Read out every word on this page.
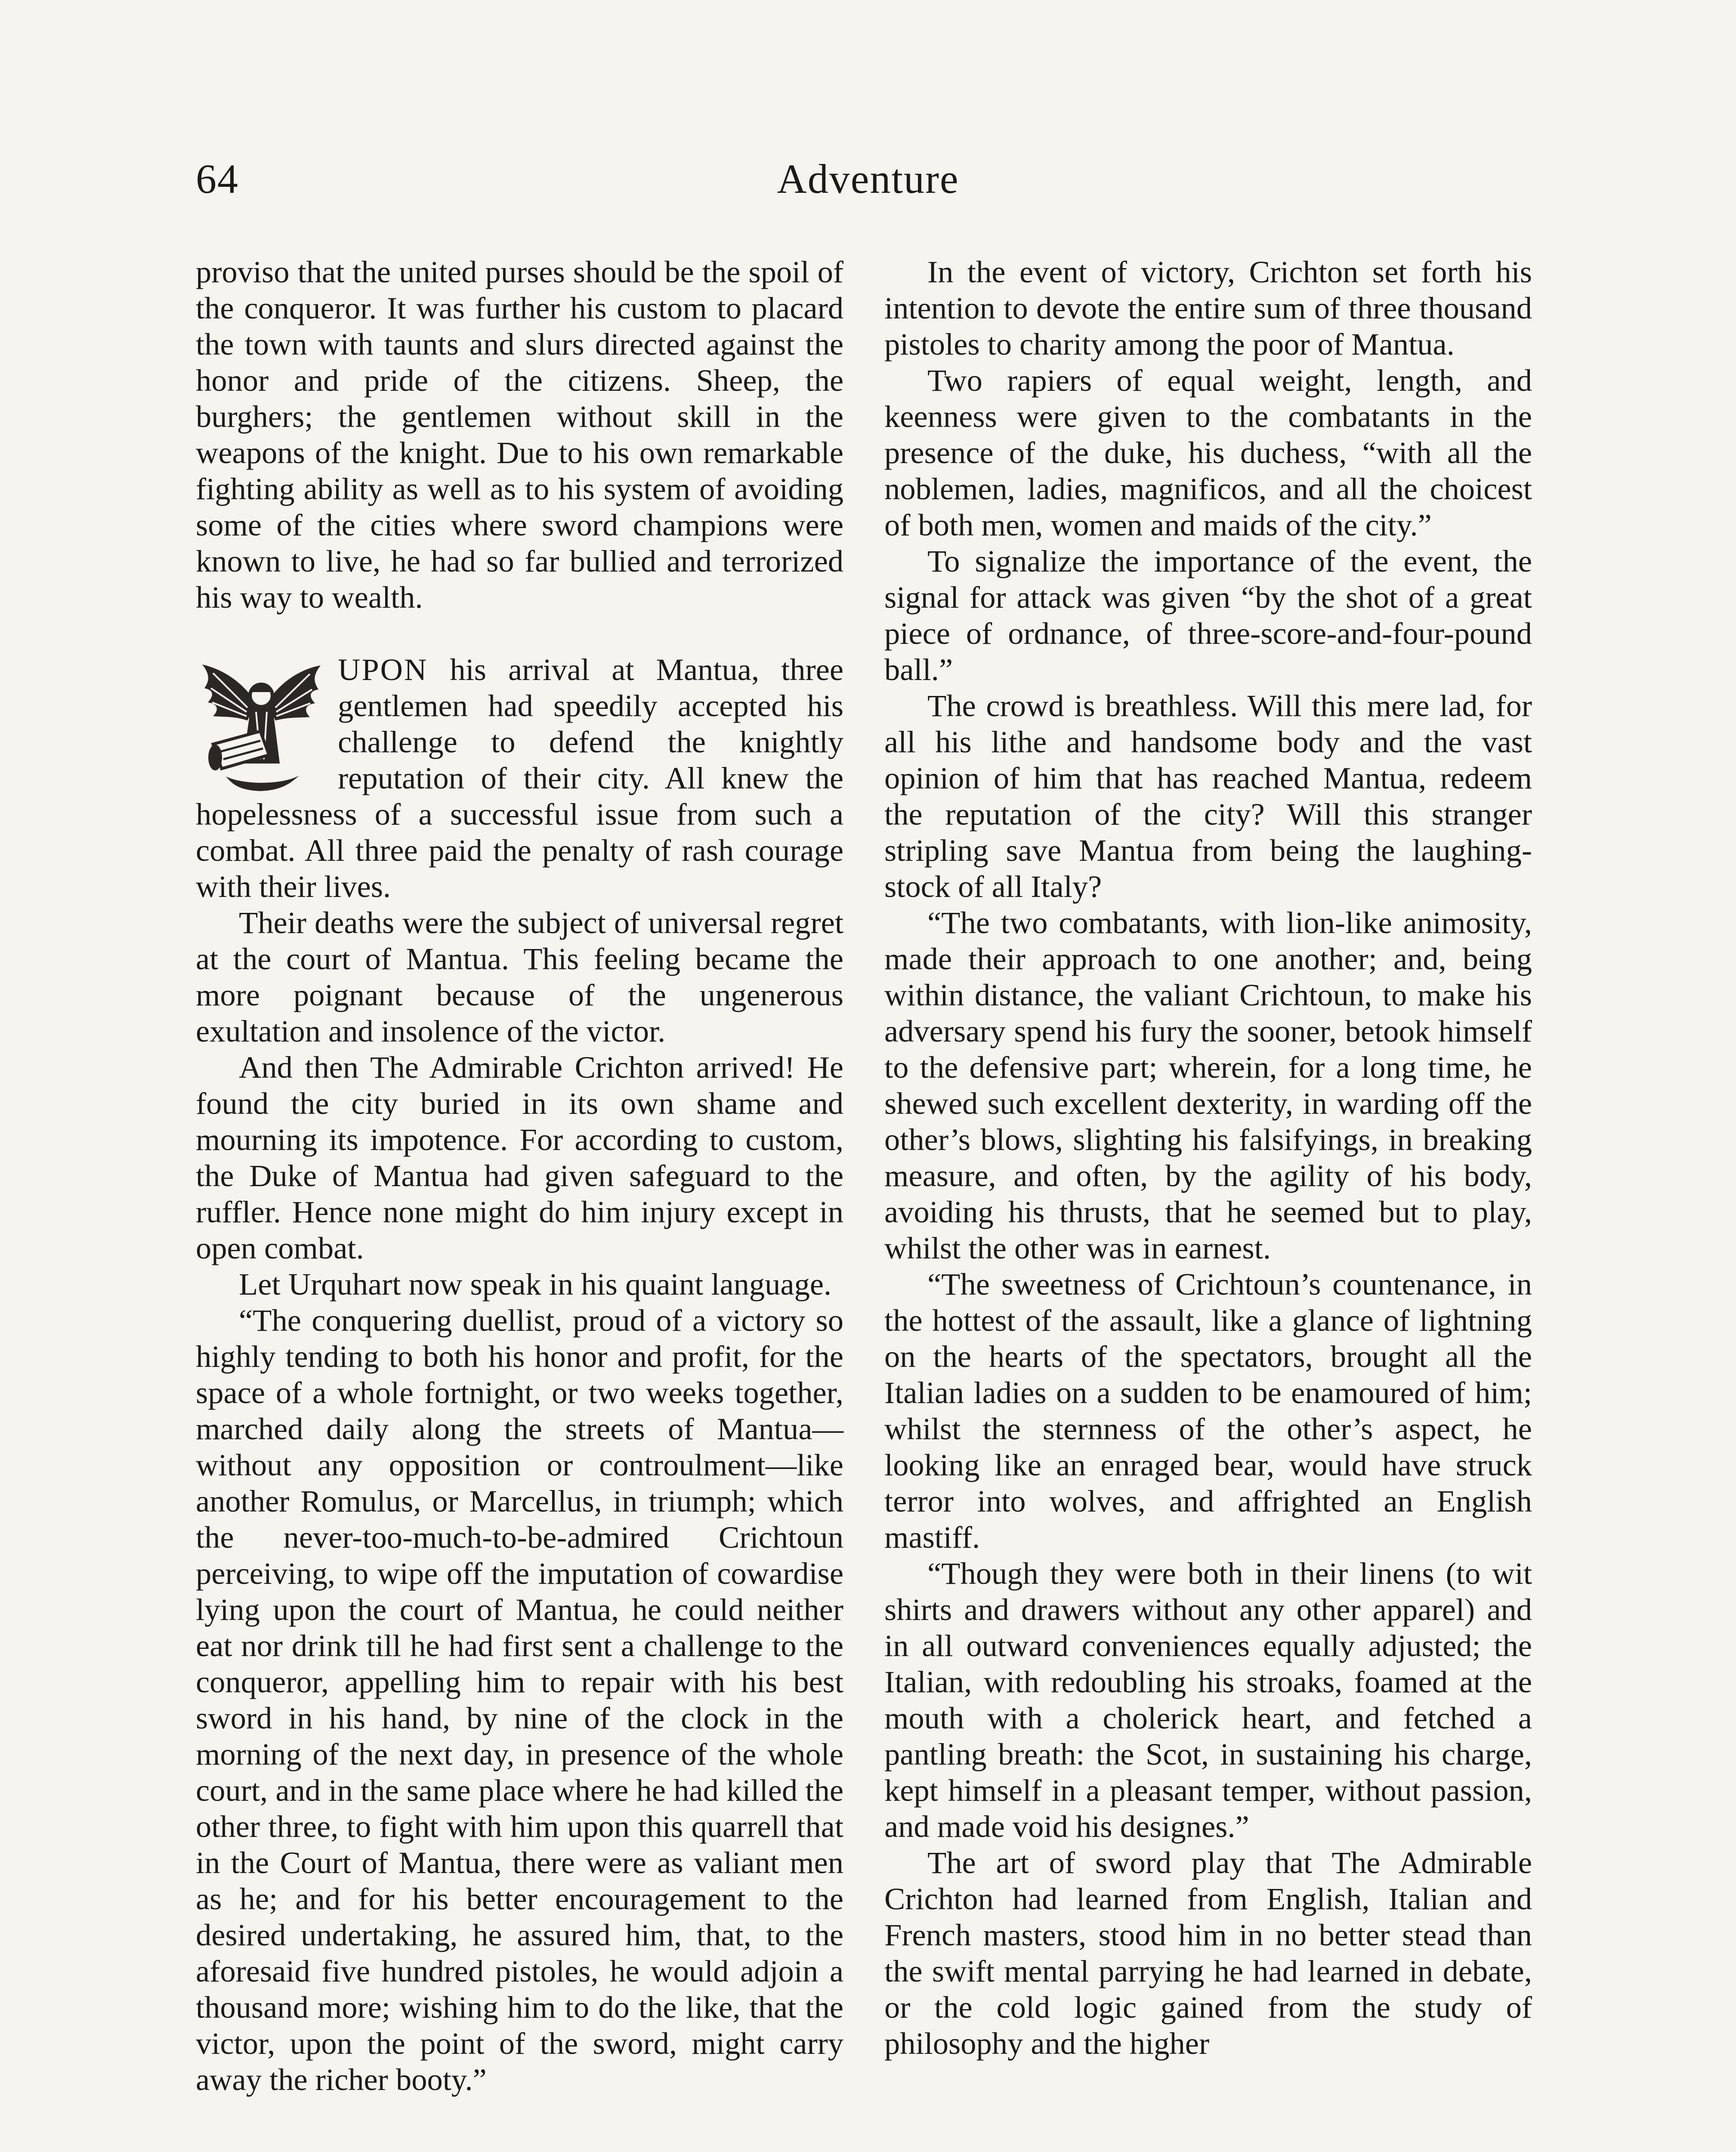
64	Adventure

proviso that the united purses should be the spoil of the conqueror. It was further his custom to placard the town with taunts and slurs directed against the honor and pride of the citizens. Sheep, the burghers; the gentlemen without skill in the weapons of the knight. Due to his own remarkable fighting ability as well as to his system of avoiding some of the cities where sword champions were known to live, he had so far bullied and terrorized his way to wealth.

UPON his arrival at Mantua, three gentlemen had speedily accepted his challenge to defend the knightly reputation of their city. All knew the hopelessness of a successful issue from such a combat. All three paid the penalty of rash courage with their lives.

Their deaths were the subject of universal regret at the court of Mantua. This feeling became the more poignant because of the ungenerous exultation and insolence of the victor.

And then The Admirable Crichton arrived! He found the city buried in its own shame and mourning its impotence. For according to custom, the Duke of Mantua had given safeguard to the ruffler. Hence none might do him injury except in open combat.

Let Urquhart now speak in his quaint language.

“The conquering duellist, proud of a victory so highly tending to both his honor and profit, for the space of a whole fortnight, or two weeks together, marched daily along the streets of Mantua—without any opposition or controulment—like another Romulus, or Marcellus, in triumph; which the never-too-much-to-be-admired Crichtoun perceiving, to wipe off the imputation of cowardise lying upon the court of Mantua, he could neither eat nor drink till he had first sent a challenge to the conqueror, appelling him to repair with his best sword in his hand, by nine of the clock in the morning of the next day, in presence of the whole court, and in the same place where he had killed the other three, to fight with him upon this quarrell that in the Court of Mantua, there were as valiant men as he; and for his better encouragement to the desired undertaking, he assured him, that, to the aforesaid five hundred pistoles, he would adjoin a thousand more; wishing him to do the like, that the victor, upon the point of the sword, might carry away the richer booty.”

In the event of victory, Crichton set forth his intention to devote the entire sum of three thousand pistoles to charity among the poor of Mantua.

Two rapiers of equal weight, length, and keenness were given to the combatants in the presence of the duke, his duchess, “with all the noblemen, ladies, magnificos, and all the choicest of both men, women and maids of the city.”

To signalize the importance of the event, the signal for attack was given “by the shot of a great piece of ordnance, of three-score-and-four-pound ball.”

The crowd is breathless. Will this mere lad, for all his lithe and handsome body and the vast opinion of him that has reached Mantua, redeem the reputation of the city? Will this stranger stripling save Mantua from being the laughing-stock of all Italy?

“The two combatants, with lion-like animosity, made their approach to one another; and, being within distance, the valiant Crichtoun, to make his adversary spend his fury the sooner, betook himself to the defensive part; wherein, for a long time, he shewed such excellent dexterity, in warding off the other’s blows, slighting his falsifyings, in breaking measure, and often, by the agility of his body, avoiding his thrusts, that he seemed but to play, whilst the other was in earnest.

“The sweetness of Crichtoun’s countenance, in the hottest of the assault, like a glance of lightning on the hearts of the spectators, brought all the Italian ladies on a sudden to be enamoured of him; whilst the sternness of the other’s aspect, he looking like an enraged bear, would have struck terror into wolves, and affrighted an English mastiff.

“Though they were both in their linens (to wit shirts and drawers without any other apparel) and in all outward conveniences equally adjusted; the Italian, with redoubling his stroaks, foamed at the mouth with a cholerick heart, and fetched a pantling breath: the Scot, in sustaining his charge, kept himself in a pleasant temper, without passion, and made void his designes.”

The art of sword play that The Admirable Crichton had learned from English, Italian and French masters, stood him in no better stead than the swift mental parrying he had learned in debate, or the cold logic gained from the study of philosophy and the higher
